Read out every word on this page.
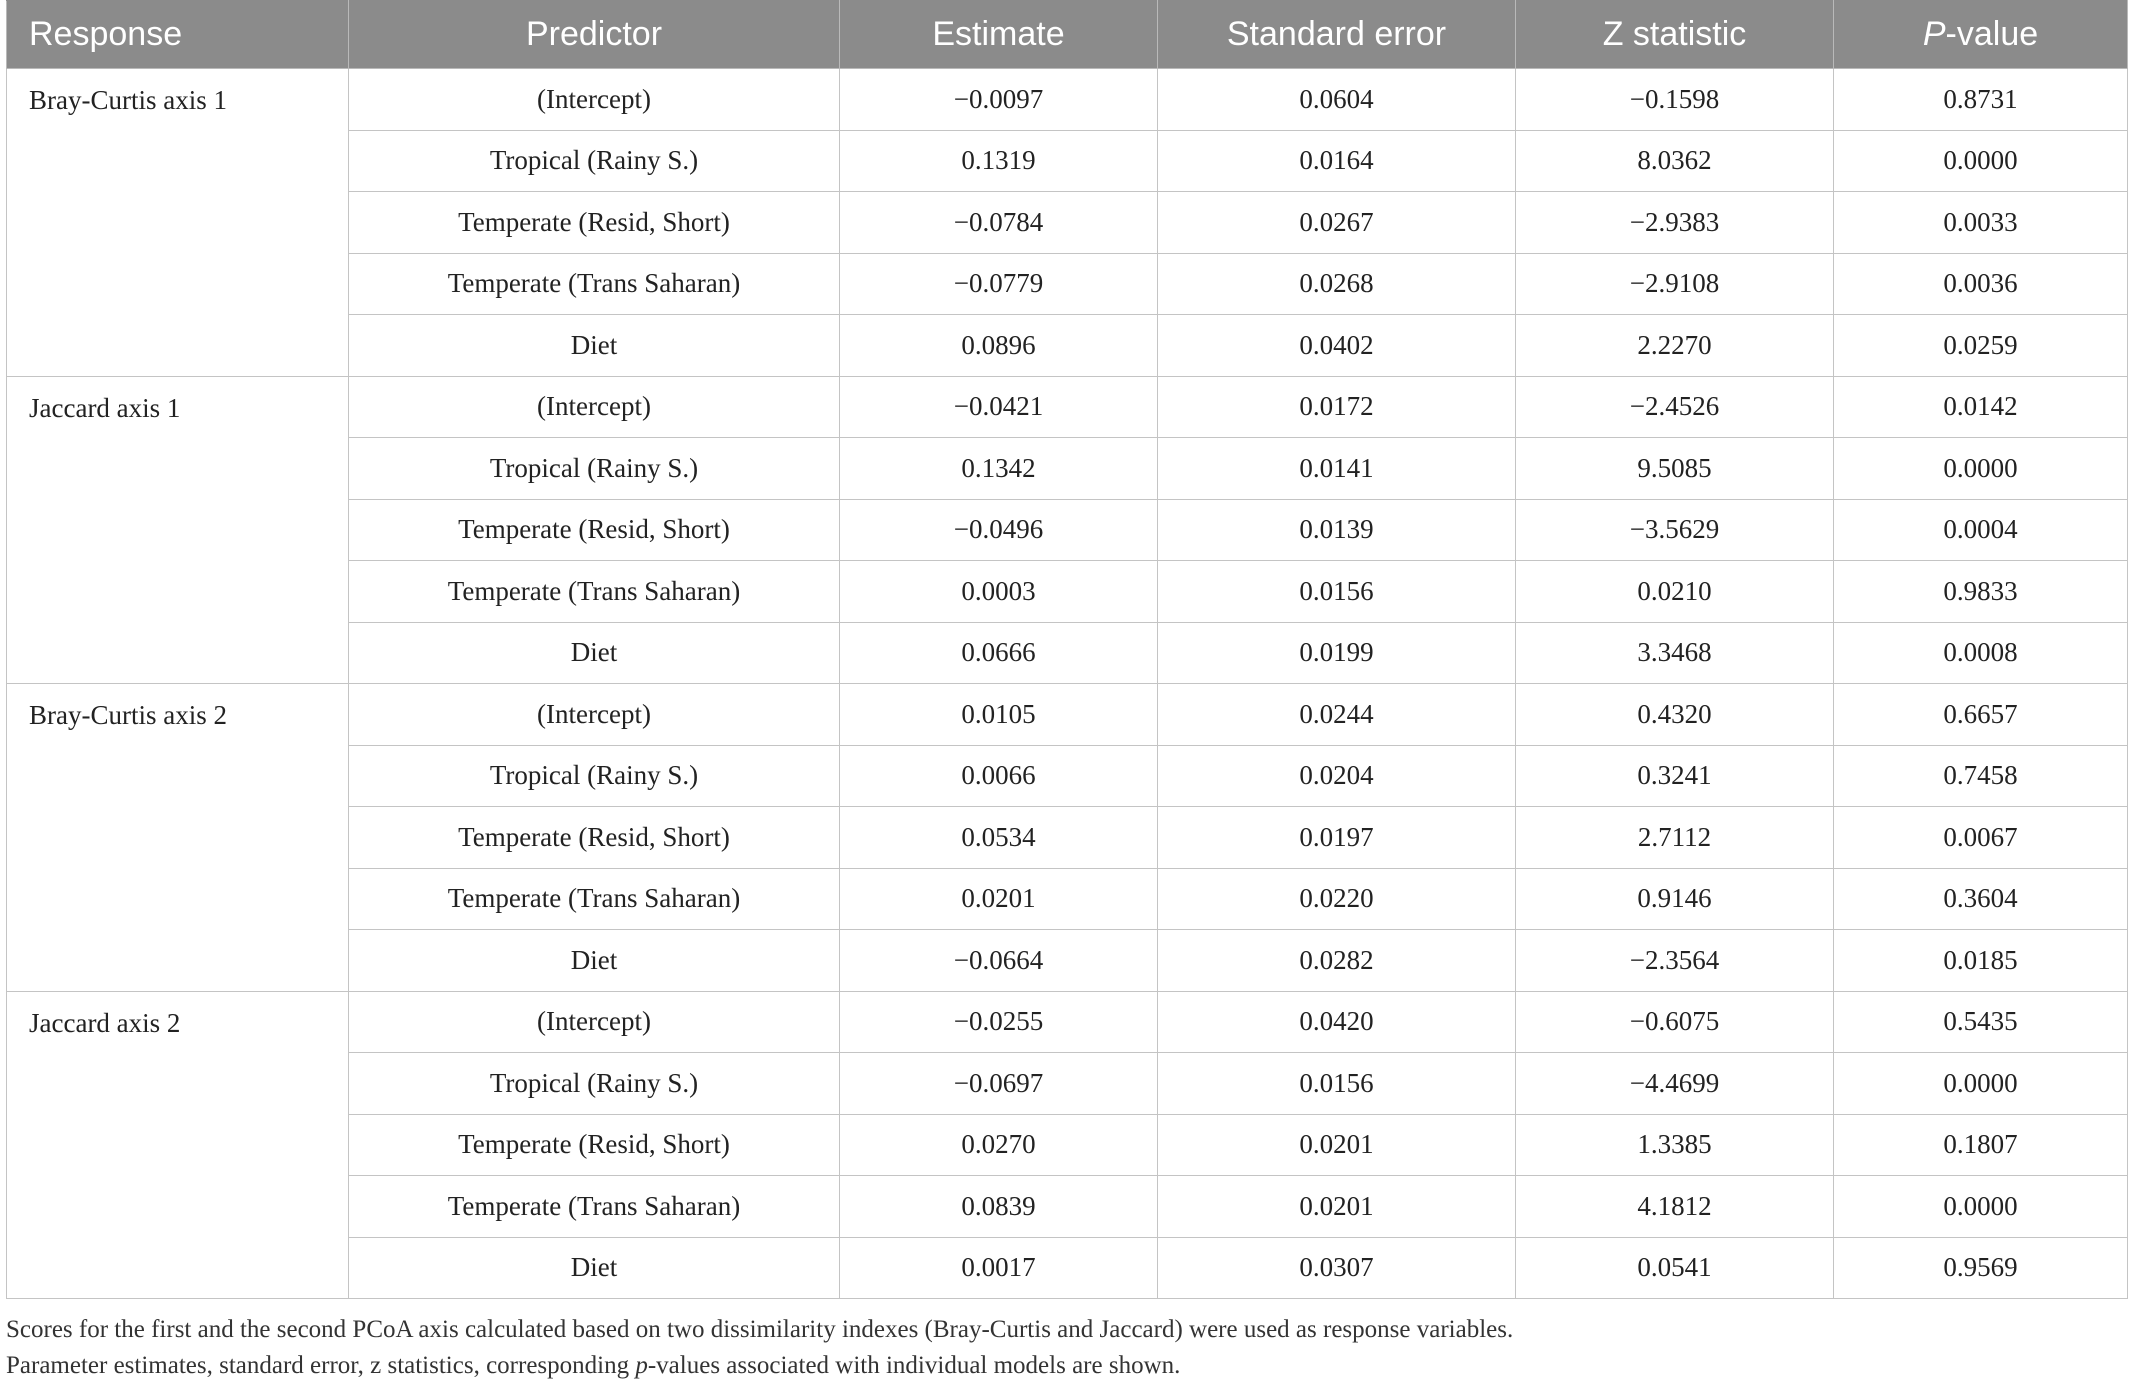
Response	Predictor	Estimate	Standard error	Z statistic	P-value
Bray-Curtis axis 1	(Intercept)	−0.0097	0.0604	−0.1598	0.8731
	Tropical (Rainy S.)	0.1319	0.0164	8.0362	0.0000
	Temperate (Resid, Short)	−0.0784	0.0267	−2.9383	0.0033
	Temperate (Trans Saharan)	−0.0779	0.0268	−2.9108	0.0036
	Diet	0.0896	0.0402	2.2270	0.0259
Jaccard axis 1	(Intercept)	−0.0421	0.0172	−2.4526	0.0142
	Tropical (Rainy S.)	0.1342	0.0141	9.5085	0.0000
	Temperate (Resid, Short)	−0.0496	0.0139	−3.5629	0.0004
	Temperate (Trans Saharan)	0.0003	0.0156	0.0210	0.9833
	Diet	0.0666	0.0199	3.3468	0.0008
Bray-Curtis axis 2	(Intercept)	0.0105	0.0244	0.4320	0.6657
	Tropical (Rainy S.)	0.0066	0.0204	0.3241	0.7458
	Temperate (Resid, Short)	0.0534	0.0197	2.7112	0.0067
	Temperate (Trans Saharan)	0.0201	0.0220	0.9146	0.3604
	Diet	−0.0664	0.0282	−2.3564	0.0185
Jaccard axis 2	(Intercept)	−0.0255	0.0420	−0.6075	0.5435
	Tropical (Rainy S.)	−0.0697	0.0156	−4.4699	0.0000
	Temperate (Resid, Short)	0.0270	0.0201	1.3385	0.1807
	Temperate (Trans Saharan)	0.0839	0.0201	4.1812	0.0000
	Diet	0.0017	0.0307	0.0541	0.9569
Scores for the first and the second PCoA axis calculated based on two dissimilarity indexes (Bray-Curtis and Jaccard) were used as response variables.
Parameter estimates, standard error, z statistics, corresponding p-values associated with individual models are shown.
